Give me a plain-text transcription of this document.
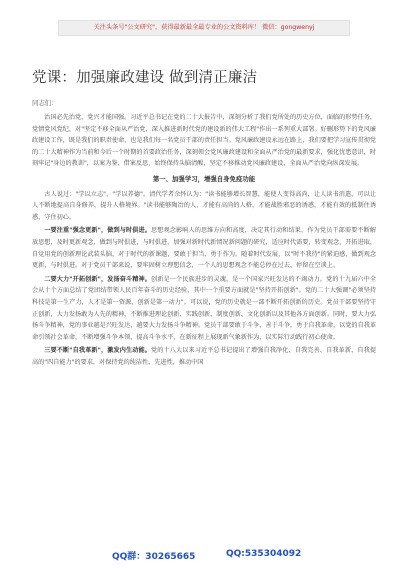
关注头条号"公文研究"，获得最新最全最专业的公文资料库！ 微信：gongwenyj
党课：加强廉政建设 做到清正廉洁
同志们：

治国必先治党，党兴才能国强。习近平总书记在党的二十大报告中，深刻分析了我们党所处的历史方位，面临的形势任务，党情党风党纪，对"坚定不移全面从严治党，深入推进新时代党的建设新的伟大工程"作出一系列重大部署。好删形势下的党风廉政建设工作，既是我们的职责使命，也是我们每一名党员干部的责任担当。党风廉政建设永远在路上，我们要把学习宣传贯彻党的二十大精神作为当前和今后一个时期的首要政治任务，深刻领会党风廉政建设和全面从严治党的最新要求，强化忧患意识，时刻牢记"身边的教训"，以案为鉴、借案反思，始终保持头脑清醒，坚定不移推动党风廉政建设、全面从严治党向纵深发展。

第一、加强学习，增强自身免疫功能

古人说过："学以立志"，"学以养德"。清代学者余怀认为："读书能够增长智慧，能使人变得高尚，让人读书消遣，可以让人不断地提高自身修养，提升人格境界。"读书能够陶冶的人，才能有高尚的人格，才能战胜邪恶的诱惑，才能有效的抵制住诱惑，守住初心。

一要注重"强念更新"，做到与时俱进。思想观念影响人的思维方向和高度，决定其行动和结果。作为党员干部需要不断解放思想，及时更新观念，做到与时俱进，与时俱进，加强对新时代新情况新问题的研究，适应时代需要，转变观念，开拓进取，自觉用党的创新理论武装头脑，对于时代的新课题，要敢于担当、勇于作为。随着时代发展，以"时不我待"的紧迫感，做到观念更新，与时俱进。对于党员干部来说，要牢固树立理想信念，一个人的思想观念不能总停在过去、停留在空谈上。

二要大力"开拓创新"，发扬奋斗精神。创新是一个民族进步的灵魂，是一个国家兴旺发达的不竭动力。党的十九届六中全会从十个方面总结了党团结带领人民百年奋斗的历史经验，其中一个重要方面就是"坚持开拓创新"。党的二十大强调"必须坚持科技是第一生产力，人才是第一资源，创新是第一动力"。可以说，党的历史就是一部不断开拓创新的历史。党员干部要坚持守正创新，大力发扬敢为人先的精神，不断推进理论创新、实践创新、制度创新、文化创新以及其他各方面创新。同时，要大力弘扬斗争精神，党的事业越是兴旺发达，越要大力发扬斗争精神。党员干部要敢于斗争、善于斗争，勇于自我革命，以党的自我革命引领社会革命，不断增强斗争本领，提高斗争水平，在新征程上展现新气象新作为，以实际行动践行初心使命。

三要不断"自我革新"，激发内生动能。党的十八大以来习近平总书记提出了增强自我净化、自我完善、自我革新、自我提高的"四自能力"的要求，对保持党的纯洁性、先进性，推动中国

QQ群：30265665	QQ:535304092
